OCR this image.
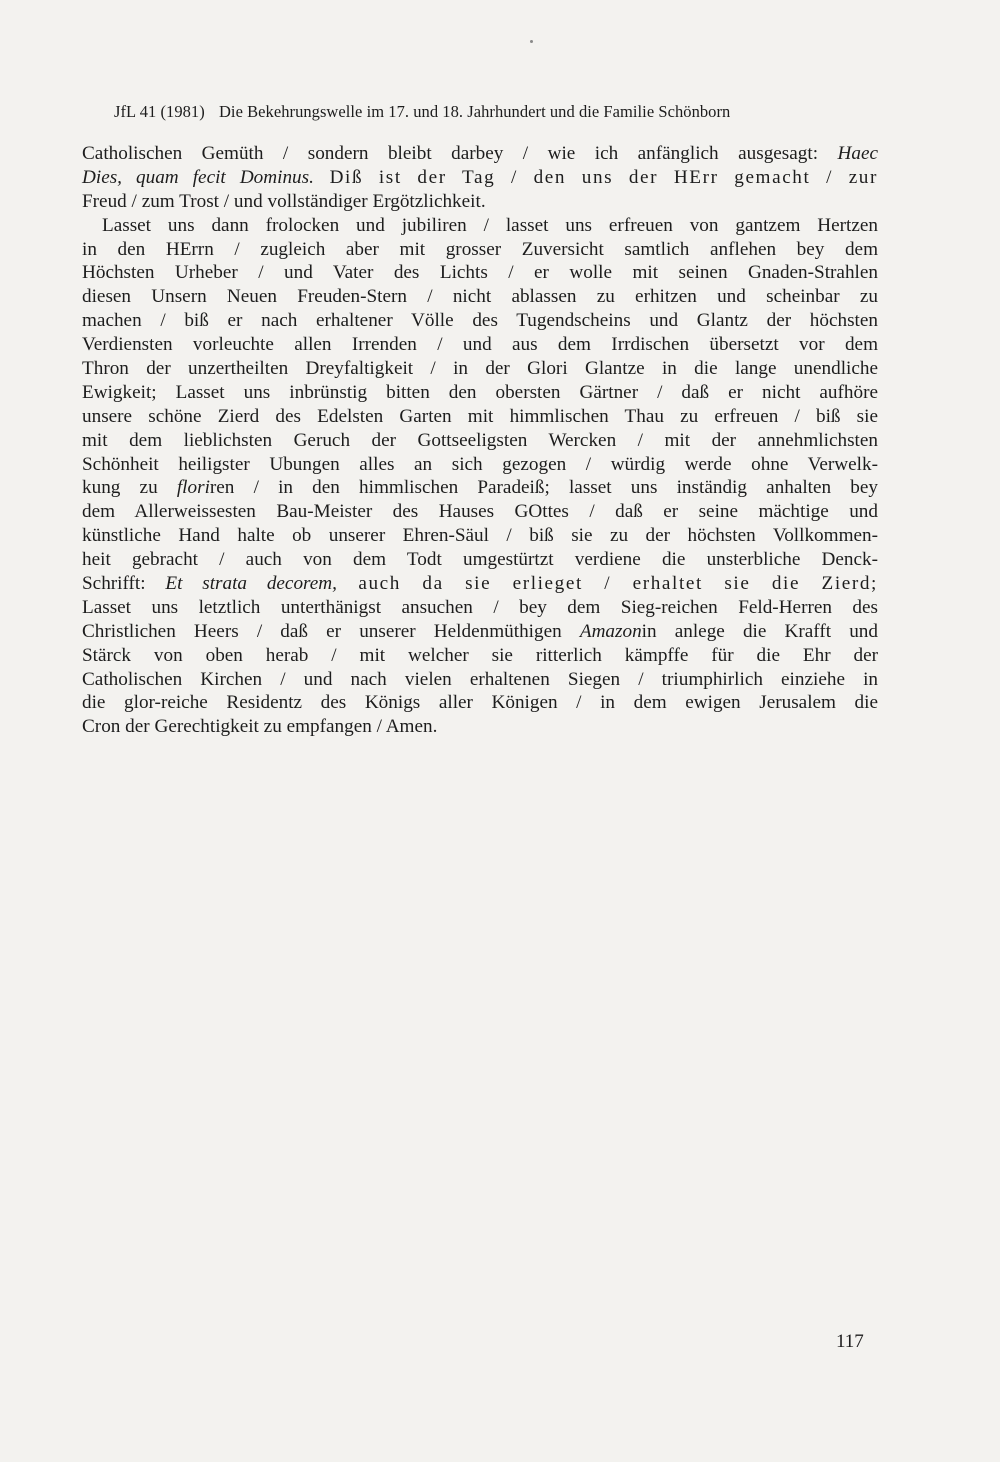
JfL 41 (1981) Die Bekehrungswelle im 17. und 18. Jahrhundert und die Familie Schönborn
Catholischen Gemüth / sondern bleibt darbey / wie ich anfänglich ausgesagt: Haec
Dies, quam fecit Dominus. Diß ist der Tag / den uns der HErr gemacht / zur
Freud / zum Trost / und vollständiger Ergötzlichkeit.
Lasset uns dann frolocken und jubiliren / lasset uns erfreuen von gantzem Hertzen
in den HErrn / zugleich aber mit grosser Zuversicht samtlich anflehen bey dem
Höchsten Urheber / und Vater des Lichts / er wolle mit seinen Gnaden-Strahlen
diesen Unsern Neuen Freuden-Stern / nicht ablassen zu erhitzen und scheinbar zu
machen / biß er nach erhaltener Völle des Tugendscheins und Glantz der höchsten
Verdiensten vorleuchte allen Irrenden / und aus dem Irrdischen übersetzt vor dem
Thron der unzertheilten Dreyfaltigkeit / in der Glori Glantze in die lange unendliche
Ewigkeit; Lasset uns inbrünstig bitten den obersten Gärtner / daß er nicht aufhöre
unsere schöne Zierd des Edelsten Garten mit himmlischen Thau zu erfreuen / biß sie
mit dem lieblichsten Geruch der Gottseeligsten Wercken / mit der annehmlichsten
Schönheit heiligster Ubungen alles an sich gezogen / würdig werde ohne Verwelk-
kung zu floriren / in den himmlischen Paradeiß; lasset uns inständig anhalten bey
dem Allerweissesten Bau-Meister des Hauses GOttes / daß er seine mächtige und
künstliche Hand halte ob unserer Ehren-Säul / biß sie zu der höchsten Vollkommen-
heit gebracht / auch von dem Todt umgestürtzt verdiene die unsterbliche Denck-
Schrifft: Et strata decorem, auch da sie erlieget / erhaltet sie die Zierd;
Lasset uns letztlich unterthänigst ansuchen / bey dem Sieg-reichen Feld-Herren des
Christlichen Heers / daß er unserer Heldenmüthigen Amazonin anlege die Krafft und
Stärck von oben herab / mit welcher sie ritterlich kämpffe für die Ehr der
Catholischen Kirchen / und nach vielen erhaltenen Siegen / triumphirlich einziehe in
die glor-reiche Residentz des Königs aller Königen / in dem ewigen Jerusalem die
Cron der Gerechtigkeit zu empfangen / Amen.
117
